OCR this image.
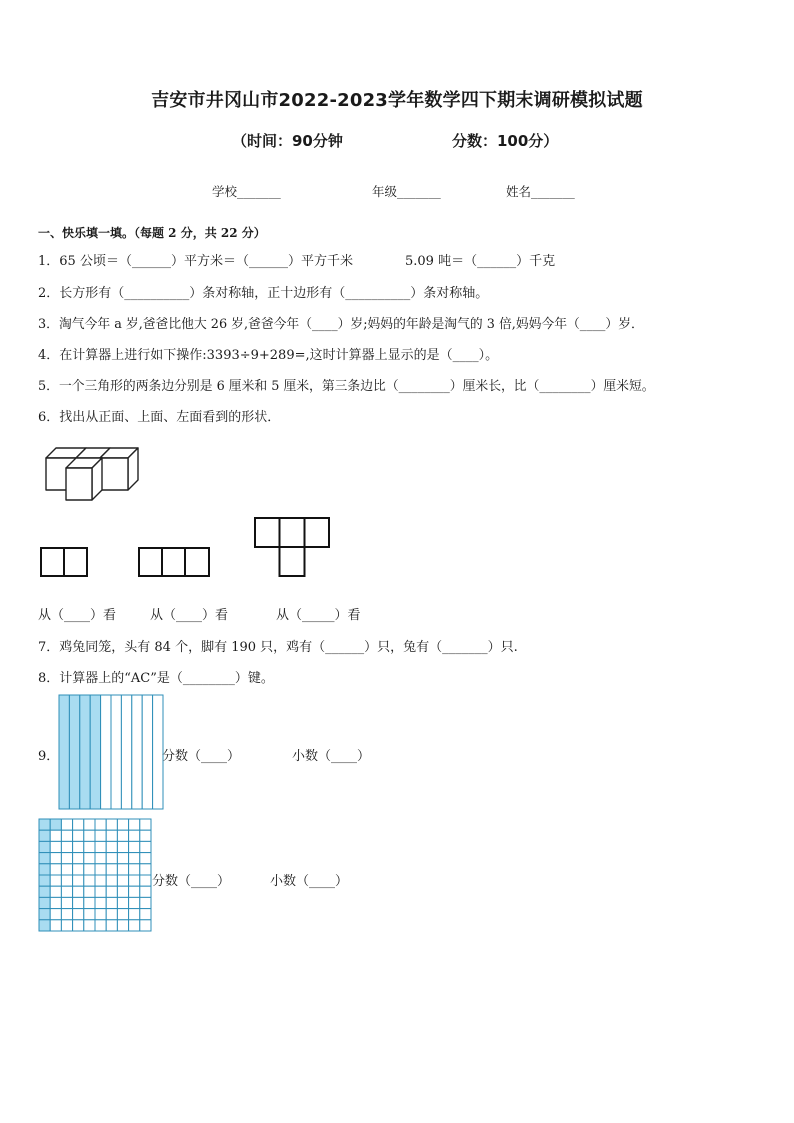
吉安市井冈山市2022-2023学年数学四下期末调研模拟试题
（时间：90分钟	分数：100分）
学校_______	年级_______	姓名_______
一、快乐填一填。（每题 2 分，共 22 分）
1．65 公顷＝（______）平方米＝（______）平方千米	5.09 吨＝（______）千克
2．长方形有（__________）条对称轴，正十边形有（__________）条对称轴。
3．淘气今年 a 岁,爸爸比他大 26 岁,爸爸今年（____）岁;妈妈的年龄是淘气的 3 倍,妈妈今年（____）岁．
4．在计算器上进行如下操作:3393÷9+289=,这时计算器上显示的是（____）。
5．一个三角形的两条边分别是 6 厘米和 5 厘米，第三条边比（________）厘米长，比（________）厘米短。
6．找出从正面、上面、左面看到的形状．
从（____）看	从（____）看	从（_____）看
7．鸡兔同笼，头有 84 个，脚有 190 只，鸡有（______）只，兔有（_______）只.
8．计算器上的“AC”是（________）键。
9．	分数（____）	小数（____）
分数（____）	小数（____）
